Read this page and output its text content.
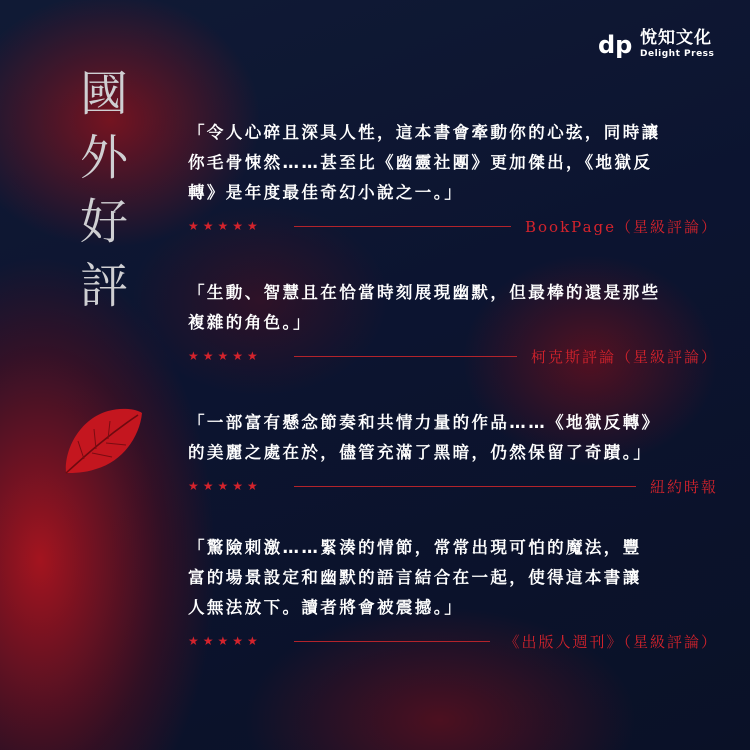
dp 悅知文化
Delight Press
國
外
好
評

「令人心碎且深具人性，這本書會牽動你的心弦，同時讓

你毛骨悚然……甚至比《幽靈社團》更加傑出，《地獄反

轉》是年度最佳奇幻小說之一。」

★★★★★	BookPage（星級評論）

「生動、智慧且在恰當時刻展現幽默，但最棒的還是那些

複雜的角色。」

★★★★★	柯克斯評論（星級評論）

「一部富有懸念節奏和共情力量的作品……《地獄反轉》

的美麗之處在於，儘管充滿了黑暗，仍然保留了奇蹟。」

★★★★★	紐約時報

「驚險刺激……緊湊的情節，常常出現可怕的魔法，豐

富的場景設定和幽默的語言結合在一起，使得這本書讓

人無法放下。讀者將會被震撼。」

★★★★★	《出版人週刊》（星級評論）
